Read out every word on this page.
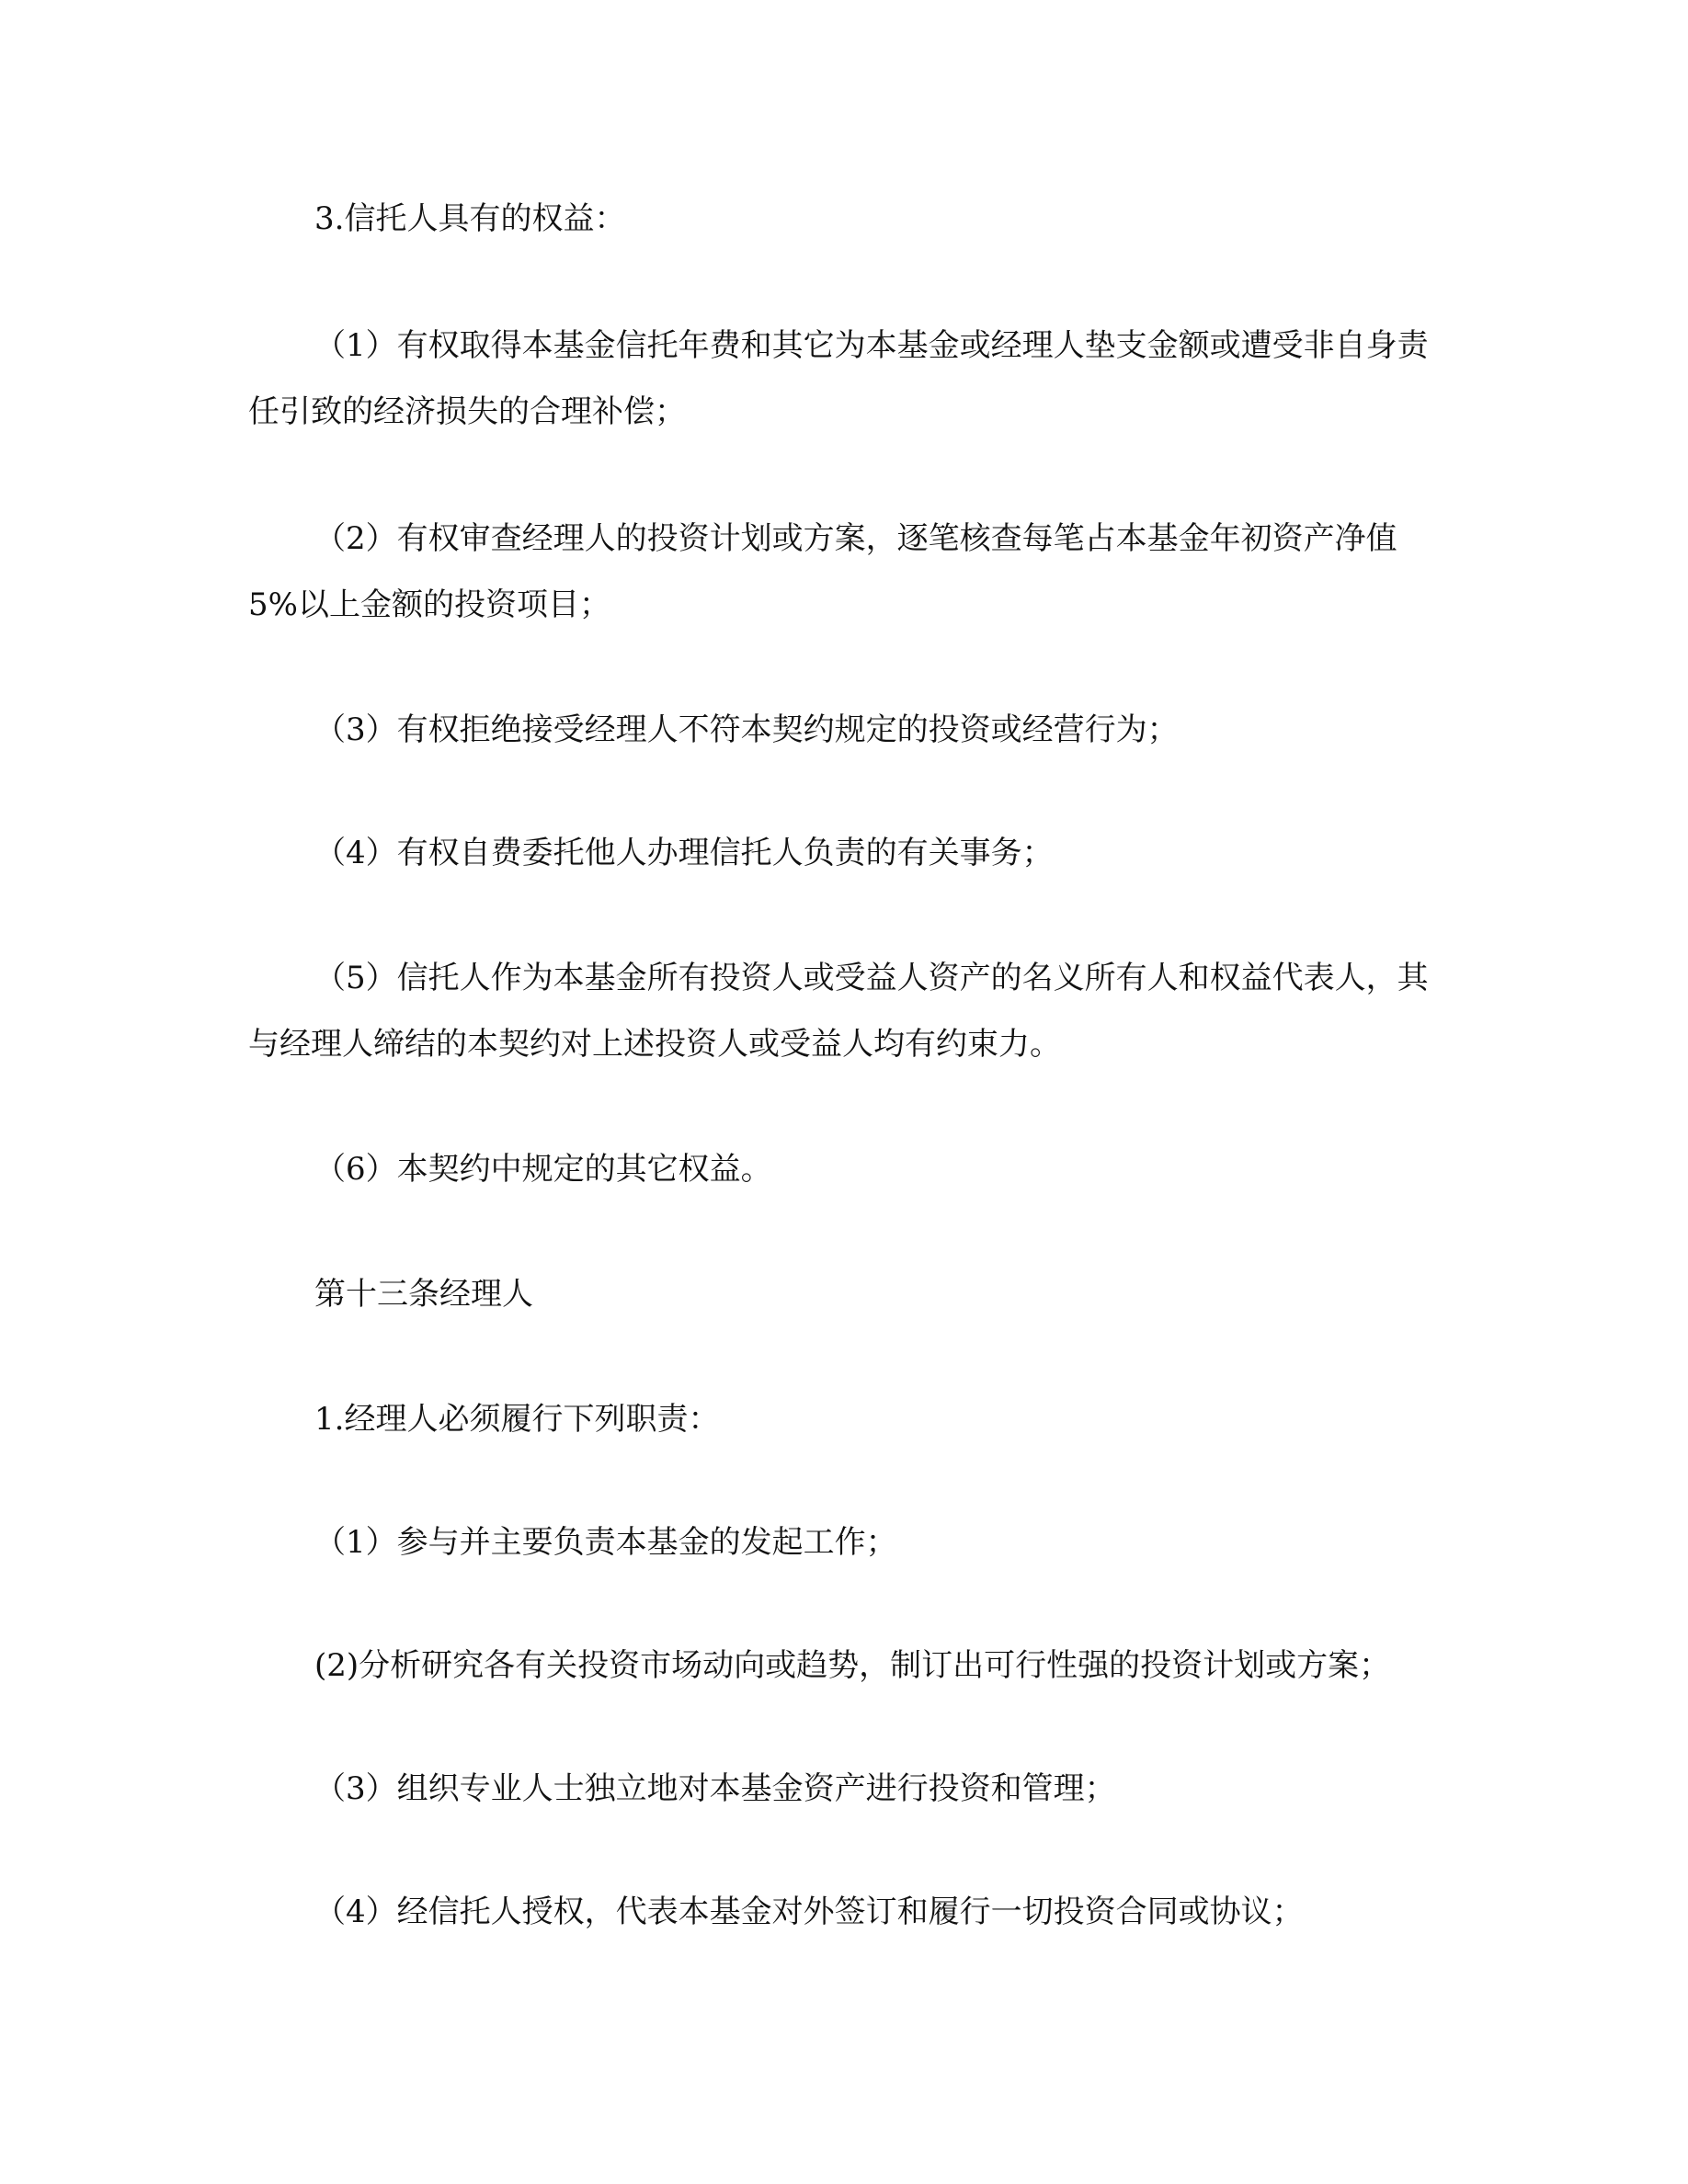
3.信托人具有的权益：

（1）有权取得本基金信托年费和其它为本基金或经理人垫支金额或遭受非自身责任引致的经济损失的合理补偿；

（2）有权审查经理人的投资计划或方案，逐笔核查每笔占本基金年初资产净值5%以上金额的投资项目；

（3）有权拒绝接受经理人不符本契约规定的投资或经营行为；

（4）有权自费委托他人办理信托人负责的有关事务；

（5）信托人作为本基金所有投资人或受益人资产的名义所有人和权益代表人，其与经理人缔结的本契约对上述投资人或受益人均有约束力。

（6）本契约中规定的其它权益。

第十三条经理人

1.经理人必须履行下列职责：

（1）参与并主要负责本基金的发起工作；

(2)分析研究各有关投资市场动向或趋势，制订出可行性强的投资计划或方案；

（3）组织专业人士独立地对本基金资产进行投资和管理；

（4）经信托人授权，代表本基金对外签订和履行一切投资合同或协议；
